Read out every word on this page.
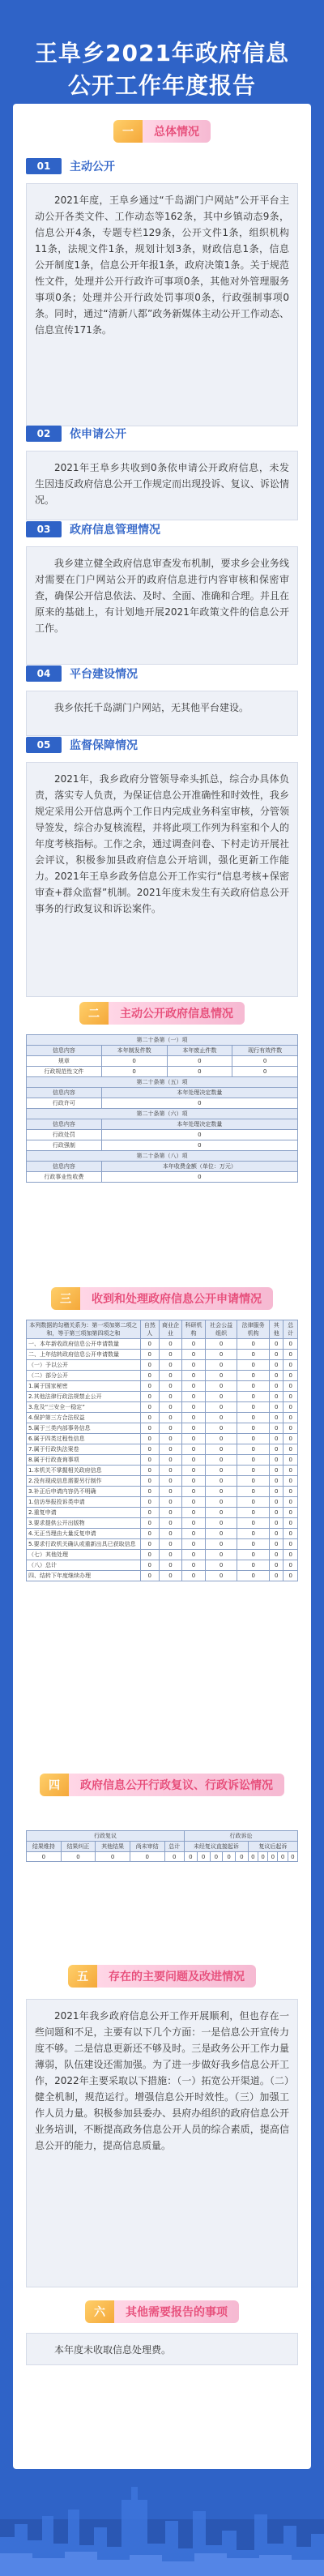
王阜乡2021年政府信息
公开工作年度报告
一	总体情况
01	主动公开
2021年度，王阜乡通过“千岛湖门户网站”公开平台主动公开各类文件、工作动态等162条，其中乡镇动态9条，信息公开4条，专题专栏129条，公开文件1条，组织机构11条，法规文件1条，规划计划3条，财政信息1条，信息公开制度1条，信息公开年报1条，政府决策1条。关于规范性文件，处理并公开行政许可事项0条，其他对外管理服务事项0条；处理并公开行政处罚事项0条，行政强制事项0条。同时，通过“清新八都”政务新媒体主动公开工作动态、信息宣传171条。
02	依申请公开
2021年王阜乡共收到0条依申请公开政府信息，未发生因违反政府信息公开工作规定而出现投诉、复议、诉讼情况。
03	政府信息管理情况
我乡建立健全政府信息审查发布机制，要求乡会业务线对需要在门户网站公开的政府信息进行内容审核和保密审查，确保公开信息依法、及时、全面、准确和合理。并且在原来的基础上，有计划地开展2021年政策文件的信息公开工作。
04	平台建设情况
我乡依托千岛湖门户网站，无其他平台建设。
05	监督保障情况
2021年，我乡政府分管领导牵头抓总，综合办具体负责，落实专人负责，为保证信息公开准确性和时效性，我乡规定采用公开信息两个工作日内完成业务科室审核，分管领导签发，综合办复核流程，并将此项工作列为科室和个人的年度考核指标。工作之余，通过调查问卷、下村走访开展社会评议，积极参加县政府信息公开培训，强化更新工作能力。2021年王阜乡政务信息公开工作实行“信息考核+保密审查+群众监督”机制。2021年度未发生有关政府信息公开事务的行政复议和诉讼案件。
二	主动公开政府信息情况
第二十条第（一）项			
信息内容	本年制发件数	本年废止件数	现行有效件数
规章	0	0	0
行政规范性文件	0	0	0
第二十条第（五）项			
信息内容	本年处理决定数量		
行政许可	0		
第二十条第（六）项			
信息内容	本年处理决定数量		
行政处罚	0		
行政强制	0		
第二十条第（八）项			
信息内容	本年收费金额（单位：万元）		
行政事业性收费	0		
三	收到和处理政府信息公开申请情况
本列数据的勾稽关系为：第一项加第二项之和，等于第三项加第四项之和	自然人	商业企业	科研机构	社会公益组织	法律服务机构	其他	总计
一、本年新收政府信息公开申请数量	0	0	0	0	0	0	0
二、上年结转政府信息公开申请数量	0	0	0	0	0	0	0
（一）予以公开	0	0	0	0	0	0	0
（二）部分公开	0	0	0	0	0	0	0
1.属于国家秘密	0	0	0	0	0	0	0
2.其他法律行政法规禁止公开	0	0	0	0	0	0	0
3.危及“三安全一稳定”	0	0	0	0	0	0	0
4.保护第三方合法权益	0	0	0	0	0	0	0
5.属于三类内部事务信息	0	0	0	0	0	0	0
6.属于四类过程性信息	0	0	0	0	0	0	0
7.属于行政执法案卷	0	0	0	0	0	0	0
8.属于行政查询事项	0	0	0	0	0	0	0
1.本机关不掌握相关政府信息	0	0	0	0	0	0	0
2.没有现成信息需要另行制作	0	0	0	0	0	0	0
3.补正后申请内容仍不明确	0	0	0	0	0	0	0
1.信访举报投诉类申请	0	0	0	0	0	0	0
2.重复申请	0	0	0	0	0	0	0
3.要求提供公开出版物	0	0	0	0	0	0	0
4.无正当理由大量反复申请	0	0	0	0	0	0	0
5.要求行政机关确认或重新出具已获取信息	0	0	0	0	0	0	0
（七）其他处理	0	0	0	0	0	0	0
（八）总计	0	0	0	0	0	0	0
四、结转下年度继续办理	0	0	0	0	0	0	0
四	政府信息公开行政复议、行政诉讼情况
行政复议					行政诉讼									
结果维持	结果纠正	其他结果	尚未审结	总计	未经复议直接起诉					复议后起诉				
0	0	0	0	0	0	0	0	0	0	0	0	0	0	0
五	存在的主要问题及改进情况
2021年我乡政府信息公开工作开展顺利，但也存在一些问题和不足，主要有以下几个方面：一是信息公开宣传力度不够。二是信息更新还不够及时。三是政务公开工作力量薄弱，队伍建设还需加强。为了进一步做好我乡信息公开工作，2022年主要采取以下措施：（一）拓宽公开渠道。（二）健全机制，规范运行。增强信息公开时效性。（三）加强工作人员力量。积极参加县委办、县府办组织的政府信息公开业务培训，不断提高政务信息公开人员的综合素质，提高信息公开的能力，提高信息质量。
六	其他需要报告的事项
本年度未收取信息处理费。
